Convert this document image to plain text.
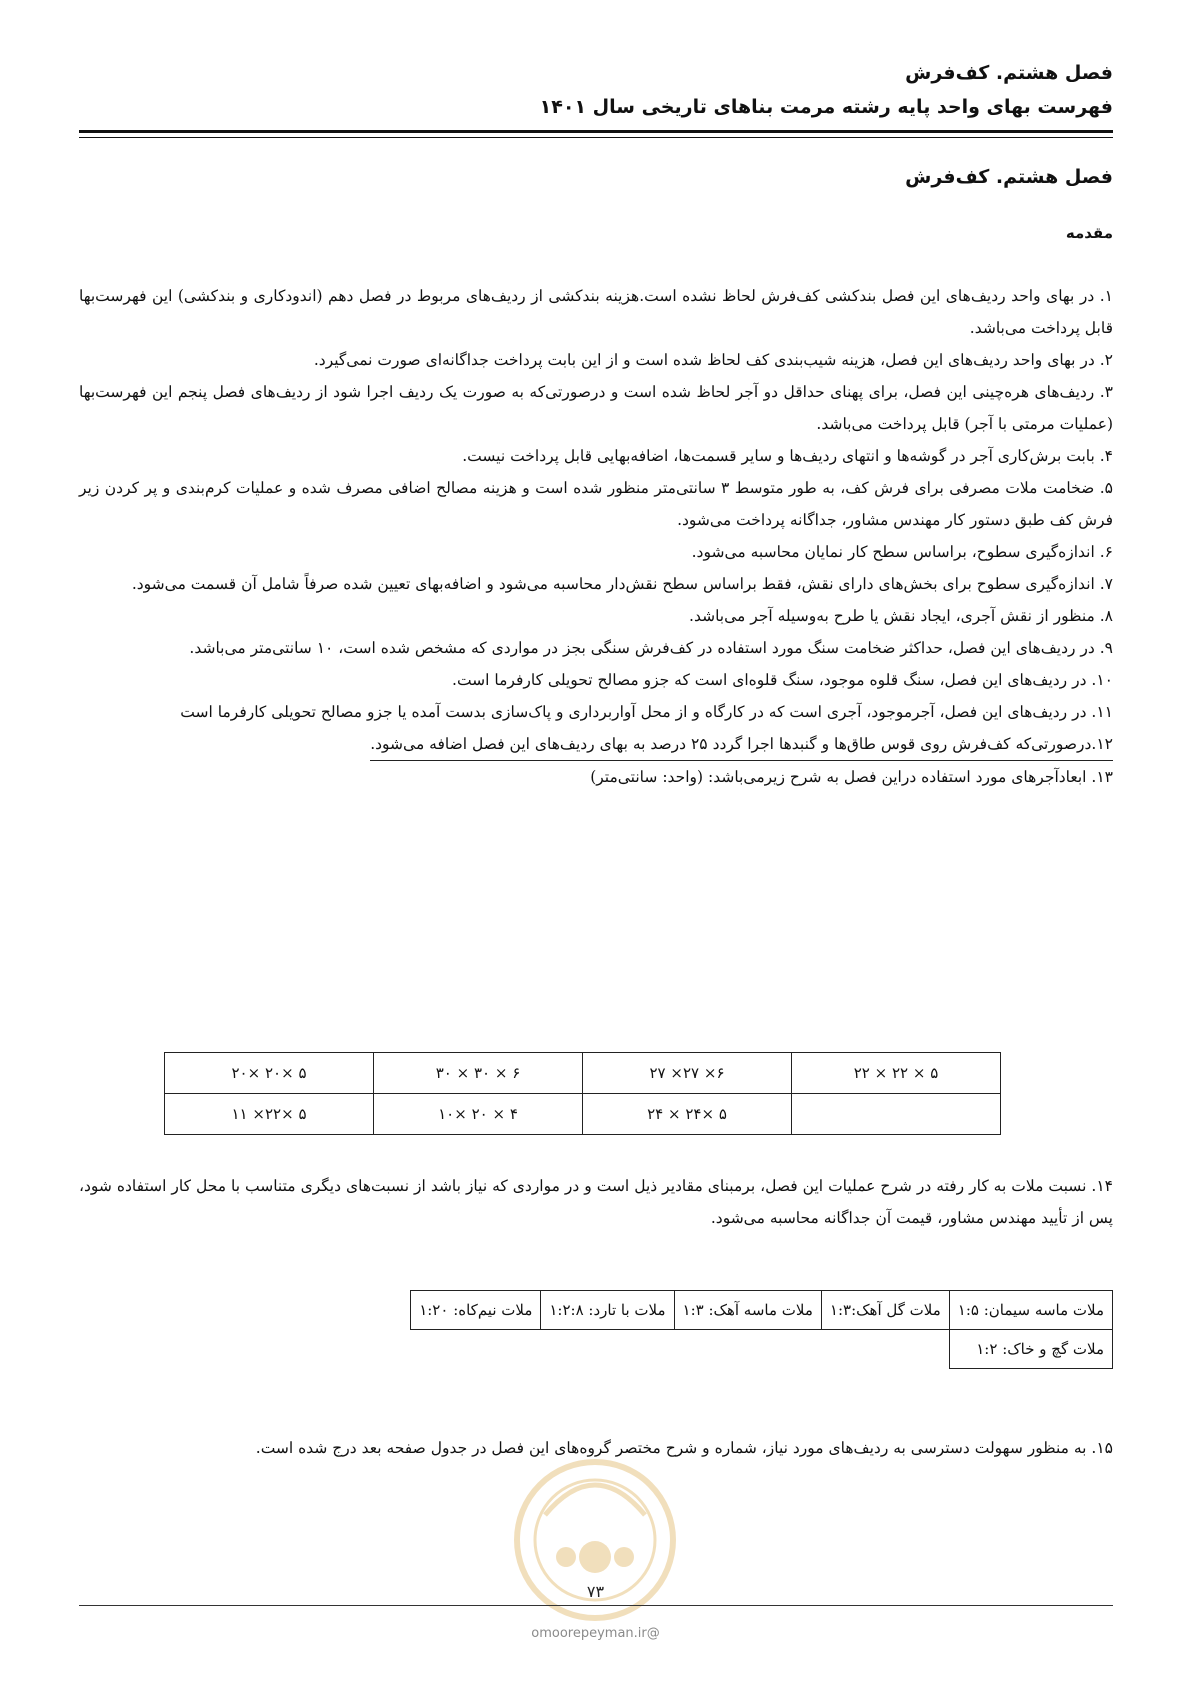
فصل هشتم. کف‌فرش
فهرست بهای واحد پایه رشته مرمت بناهای تاریخی سال ۱۴۰۱
فصل هشتم. کف‌فرش
مقدمه

۱. در بهای واحد ردیف‌های این فصل بندکشی کف‌فرش لحاظ نشده است.هزینه بندکشی از ردیف‌های مربوط در فصل دهم (اندودکاری و بندکشی) این فهرست‌بها قابل پرداخت می‌باشد.

۲. در بهای واحد ردیف‌های این فصل، هزینه شیب‌بندی کف لحاظ شده است و از این بابت پرداخت جداگانه‌ای صورت نمی‌گیرد.

۳. ردیف‌های هره‌چینی این فصل، برای پهنای حداقل دو آجر لحاظ شده است و درصورتی‌که به صورت یک ردیف اجرا شود از ردیف‌های فصل پنجم این فهرست‌بها (عملیات مرمتی با آجر) قابل پرداخت می‌باشد.

۴. بابت برش‌کاری آجر در گوشه‌ها و انتهای ردیف‌ها و سایر قسمت‌ها، اضافه‌بهایی قابل پرداخت نیست.

۵. ضخامت ملات مصرفی برای فرش کف، به طور متوسط ۳ سانتی‌متر منظور شده است و هزینه مصالح اضافی مصرف شده و عملیات کرم‌بندی و پر کردن زیر فرش کف طبق دستور کار مهندس مشاور، جداگانه پرداخت می‌شود.

۶. اندازه‌گیری سطوح، براساس سطح کار نمایان محاسبه می‌شود.

۷. اندازه‌گیری سطوح برای بخش‌های دارای نقش، فقط براساس سطح نقش‌دار محاسبه می‌شود و اضافه‌بهای تعیین شده صرفاً شامل آن قسمت می‌شود.

۸. منظور از نقش آجری، ایجاد نقش یا طرح به‌وسیله آجر می‌باشد.

۹. در ردیف‌های این فصل، حداکثر ضخامت سنگ مورد استفاده در کف‌فرش سنگی بجز در مواردی که مشخص شده است، ۱۰ سانتی‌متر می‌باشد.

۱۰. در ردیف‌های این فصل، سنگ قلوه موجود، سنگ قلوه‌ای است که جزو مصالح تحویلی کارفرما است.

۱۱. در ردیف‌های این فصل، آجرموجود، آجری است که در کارگاه و از محل آوار‌برداری و پاک‌سازی بدست آمده یا جزو مصالح تحویلی کارفرما است

۱۲.درصورتی‌که کف‌فرش روی قوس طاق‌ها و گنبدها اجرا گردد ۲۵ درصد به بهای ردیف‌های این فصل اضافه می‌شود.

۱۳. ابعادآجرهای مورد استفاده دراین فصل به شرح زیرمی‌باشد: (واحد: سانتی‌متر)

۵ × ۲۲ × ۲۲	۶× ۲۷× ۲۷	۶ × ۳۰ × ۳۰	۵ ×۲۰ ×۲۰
	۵ ×۲۴ × ۲۴	۴ × ۲۰ ×۱۰	۵ ×۲۲× ۱۱

۱۴. نسبت ملات به کار رفته در شرح عملیات این فصل، برمبنای مقادیر ذیل است و در مواردی که نیاز باشد از نسبت‌های دیگری متناسب با محل کار استفاده شود، پس از تأیید مهندس مشاور، قیمت آن جداگانه محاسبه می‌شود.

ملات ماسه سیمان: ۱:۵	ملات گل آهک:۱:۳	ملات ماسه آهک: ۱:۳	ملات با تارد: ۱:۲:۸	ملات نیم‌کاه: ۱:۲۰
ملات گچ و خاک: ۱:۲				
۱۵. به منظور سهولت دسترسی به ردیف‌های مورد نیاز، شماره و شرح مختصر گروه‌های این فصل در جدول صفحه بعد درج شده است.
۷۳
@omoorepeyman.ir
